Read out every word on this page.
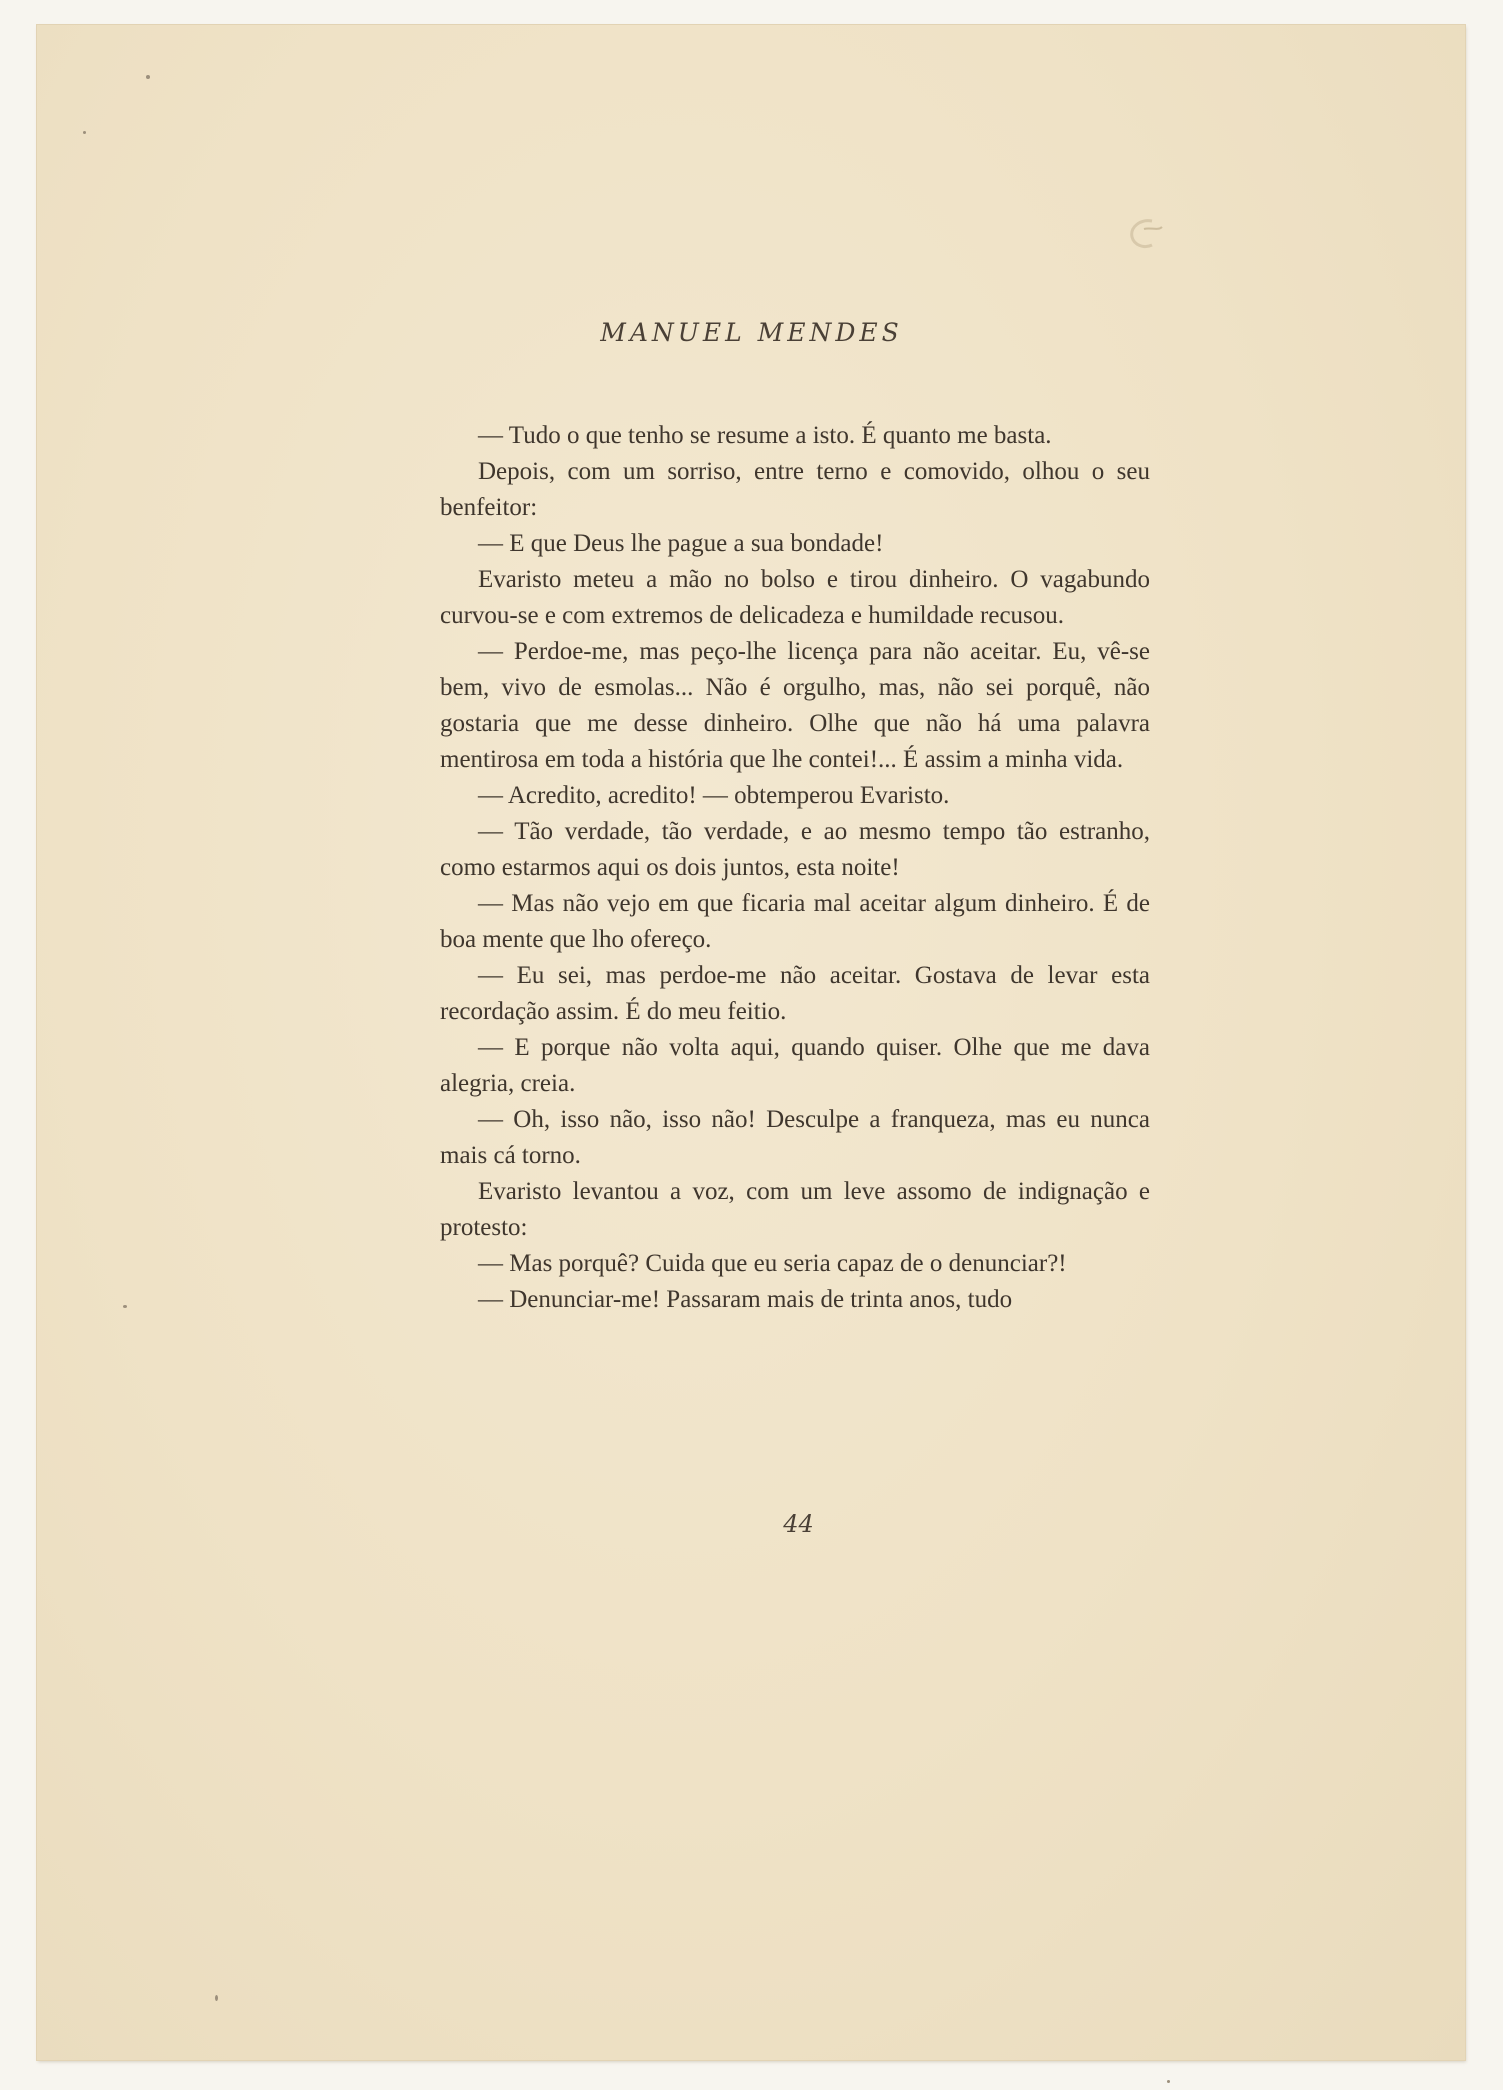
MANUEL MENDES

— Tudo o que tenho se resume a isto. É quanto me basta.

Depois, com um sorriso, entre terno e comovido, olhou o seu benfeitor:

— E que Deus lhe pague a sua bondade!

Evaristo meteu a mão no bolso e tirou dinheiro. O vagabundo curvou-se e com extremos de delicadeza e humildade recusou.

— Perdoe-me, mas peço-lhe licença para não aceitar. Eu, vê-se bem, vivo de esmolas... Não é orgulho, mas, não sei porquê, não gostaria que me desse dinheiro. Olhe que não há uma palavra mentirosa em toda a história que lhe contei!... É assim a minha vida.

— Acredito, acredito! — obtemperou Evaristo.

— Tão verdade, tão verdade, e ao mesmo tempo tão estranho, como estarmos aqui os dois juntos, esta noite!

— Mas não vejo em que ficaria mal aceitar algum dinheiro. É de boa mente que lho ofereço.

— Eu sei, mas perdoe-me não aceitar. Gostava de levar esta recordação assim. É do meu feitio.

— E porque não volta aqui, quando quiser. Olhe que me dava alegria, creia.

— Oh, isso não, isso não! Desculpe a franqueza, mas eu nunca mais cá torno.

Evaristo levantou a voz, com um leve assomo de indignação e protesto:

— Mas porquê? Cuida que eu seria capaz de o denunciar?!

— Denunciar-me! Passaram mais de trinta anos, tudo

44
